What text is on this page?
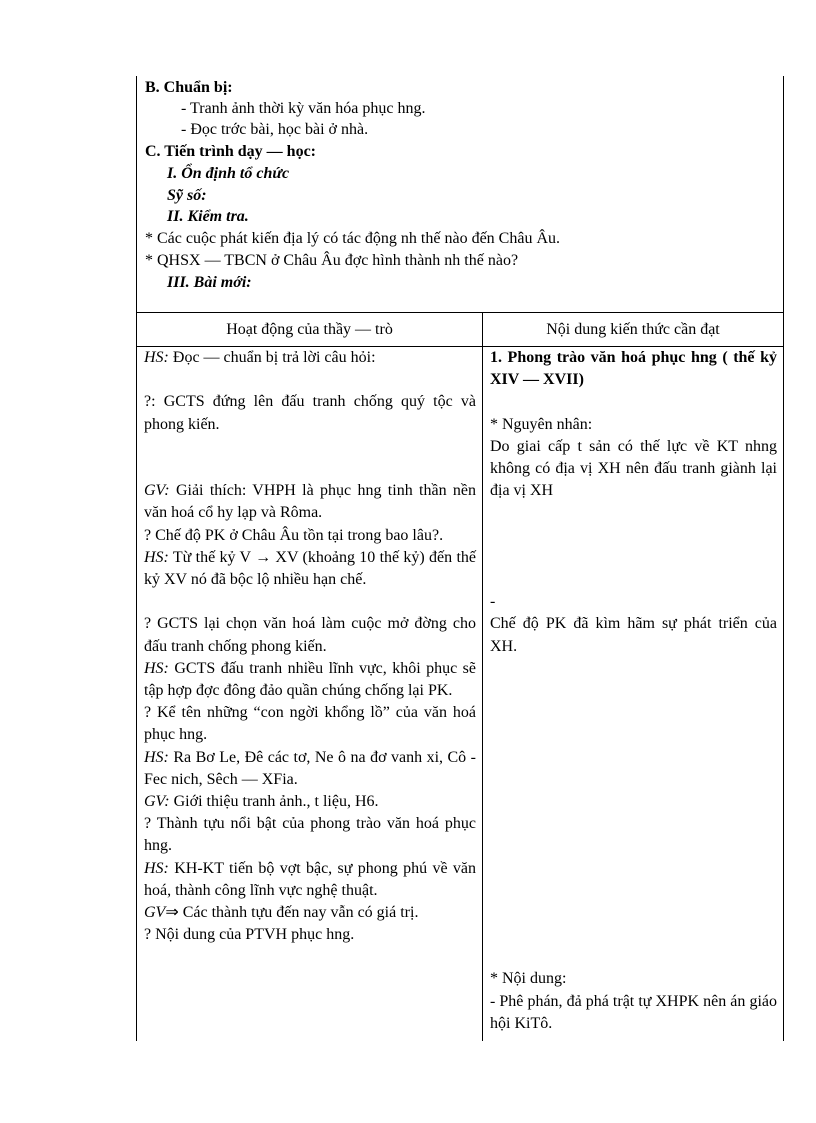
B. Chuẩn bị:
- Tranh ảnh thời kỳ văn hóa phục hng.
- Đọc trớc bài, học bài ở nhà.
C. Tiến trình dạy — học:
I. Ổn định tổ chức
Sỹ số:
II. Kiểm tra.
* Các cuộc phát kiến địa lý có tác động nh thế nào đến Châu Âu.
* QHSX — TBCN ở Châu Âu đợc hình thành nh thế nào?
III. Bài mới:
Hoạt động của thầy — trò	Nội dung kiến thức cần đạt

HS: Đọc — chuẩn bị trả lời câu hỏi:

?: GCTS đứng lên đấu tranh chống quý tộc và phong kiến.

GV: Giải thích: VHPH là phục hng tinh thần nền văn hoá cổ hy lạp và Rôma.

? Chế độ PK ở Châu Âu tồn tại trong bao lâu?.

HS: Từ thế kỷ V → XV (khoảng 10 thế kỷ) đến thế kỷ XV nó đã bộc lộ nhiều hạn chế.

? GCTS lại chọn văn hoá làm cuộc mở đờng cho đấu tranh chống phong kiến.

HS: GCTS đấu tranh nhiều lĩnh vực, khôi phục sẽ tập hợp đợc đông đảo quần chúng chống lại PK.

? Kể tên những “con ngời khổng lồ” của văn hoá phục hng.

HS: Ra Bơ Le, Đê các tơ, Ne ô na đơ vanh xi, Cô - Fec nich, Sêch — XFia.

GV: Giới thiệu tranh ảnh., t liệu, H6.

? Thành tựu nổi bật của phong trào văn hoá phục hng.

HS: KH-KT tiến bộ vợt bậc, sự phong phú về văn hoá, thành công lĩnh vực nghệ thuật.

GV⇒ Các thành tựu đến nay vẫn có giá trị.

? Nội dung của PTVH phục hng.

1. Phong trào văn hoá phục hng ( thế kỷ XIV — XVII)

* Nguyên nhân:

Do giai cấp t sản có thế lực về KT nhng không có địa vị XH nên đấu tranh giành lại địa vị XH

-

Chế độ PK đã kìm hãm sự phát triển của XH.

* Nội dung:

- Phê phán, đả phá trật tự XHPK nên án giáo hội KiTô.
